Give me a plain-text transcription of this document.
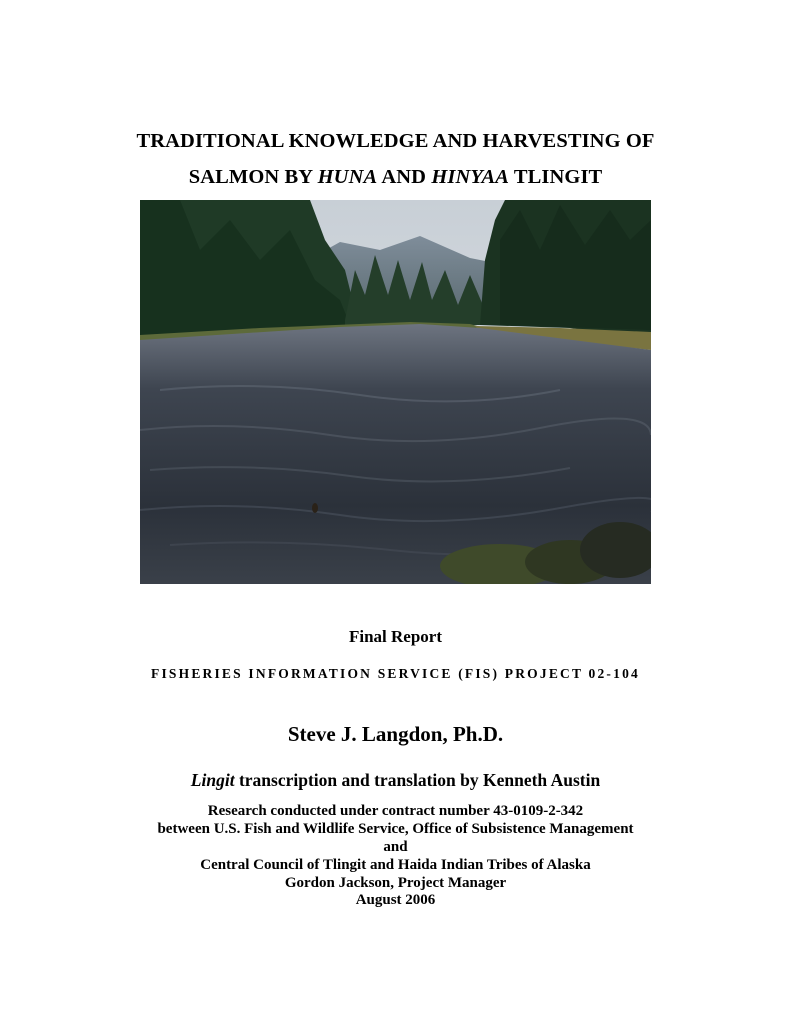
TRADITIONAL KNOWLEDGE AND HARVESTING OF
SALMON BY HUNA AND HINYAA TLINGIT
Final Report
FISHERIES INFORMATION SERVICE (FIS) PROJECT 02-104
Steve J. Langdon, Ph.D.
Lingit transcription and translation by Kenneth Austin
Research conducted under contract number 43-0109-2-342
between U.S. Fish and Wildlife Service, Office of Subsistence Management
and
Central Council of Tlingit and Haida Indian Tribes of Alaska
Gordon Jackson, Project Manager
August 2006
